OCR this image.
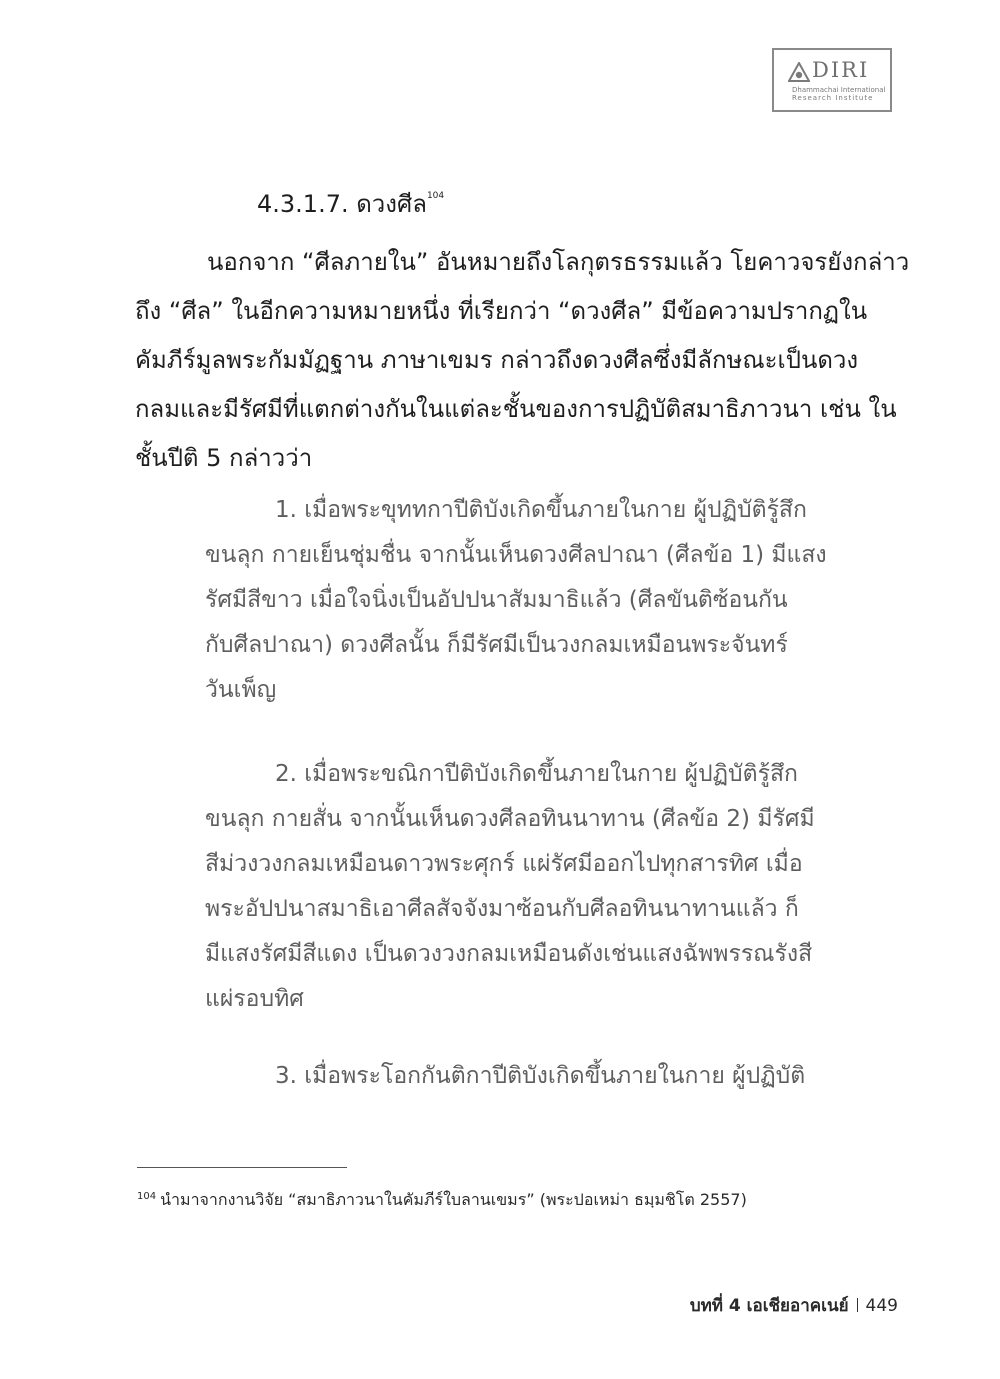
DIRI
Dhammachai International
Research Institute
4.3.1.7. ดวงศีล$^{104}$

นอกจาก “ศีลภายใน” อันหมายถึงโลกุตรธรรมแล้ว โยคาวจรยังกล่าว
ถึง “ศีล” ในอีกความหมายหนึ่ง ที่เรียกว่า “ดวงศีล” มีข้อความปรากฏใน
คัมภีร์มูลพระกัมมัฏฐาน ภาษาเขมร กล่าวถึงดวงศีลซึ่งมีลักษณะเป็นดวง
กลมและมีรัศมีที่แตกต่างกันในแต่ละชั้นของการปฏิบัติสมาธิภาวนา เช่น ใน
ชั้นปีติ 5 กล่าวว่า

1. เมื่อพระขุททกาปีติบังเกิดขึ้นภายในกาย ผู้ปฏิบัติรู้สึก
ขนลุก กายเย็นชุ่มชื่น จากนั้นเห็นดวงศีลปาณา (ศีลข้อ 1) มีแสง
รัศมีสีขาว เมื่อใจนิ่งเป็นอัปปนาสัมมาธิแล้ว (ศีลขันติซ้อนกัน
กับศีลปาณา) ดวงศีลนั้น ก็มีรัศมีเป็นวงกลมเหมือนพระจันทร์
วันเพ็ญ

2. เมื่อพระขณิกาปีติบังเกิดขึ้นภายในกาย ผู้ปฏิบัติรู้สึก
ขนลุก กายสั่น จากนั้นเห็นดวงศีลอทินนาทาน (ศีลข้อ 2) มีรัศมี
สีม่วงวงกลมเหมือนดาวพระศุกร์ แผ่รัศมีออกไปทุกสารทิศ เมื่อ
พระอัปปนาสมาธิเอาศีลสัจจังมาซ้อนกับศีลอทินนาทานแล้ว ก็
มีแสงรัศมีสีแดง เป็นดวงวงกลมเหมือนดังเช่นแสงฉัพพรรณรังสี
แผ่รอบทิศ

3. เมื่อพระโอกกันติกาปีติบังเกิดขึ้นภายในกาย ผู้ปฏิบัติ

$^{104}$ นำมาจากงานวิจัย “สมาธิภาวนาในคัมภีร์ใบลานเขมร” (พระปอเหม่า ธมฺมชิโต 2557)
บทที่ 4 เอเชียอาคเนย์ 449
